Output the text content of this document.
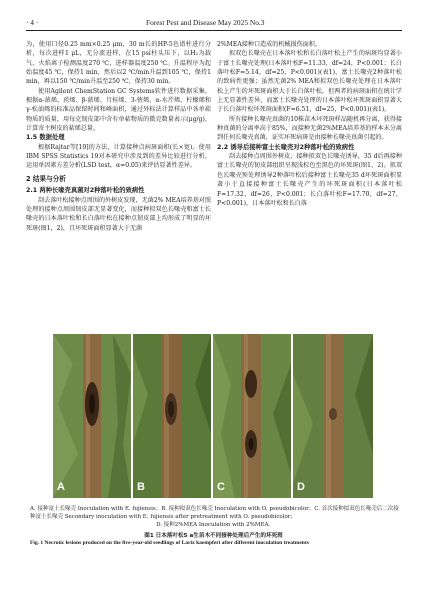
· 4 ·	Forest Pest and Disease May 2025 No.3

为，使用口径0.25 mm×0.25 μm，30 m长的HP-5色谱柱进行分析，每次进样1 μL，无分流进样，在15 psi柱头压下，以H₂为载气，火焰离子检测温度270 ℃，进样器温度250 ℃。升温程序为起始温度45 ℃，保持1 min，然后以2 ℃/min升温到105 ℃，保持1 min，再以150 ℃/min升温至250 ℃，保持30 min。

使用Agilent ChemStation GC Systems软件进行数据采集。根据α-蒎烯、莰烯、β-蒎烯、月桂烯、3-蒈烯、α-水芹烯、柠檬烯和γ-松油烯的标准品保留时间和峰面积，通过外标法计算样品中各单萜物质的质量，用每克韧皮部中含有单萜物质的微克数量表示(μg/g)，计算寄主树皮的萜烯总量。

1.5 数据处理

根据Rajtar等[19]的方法，计算接种点病斑面积(长×宽)。使用IBM SPSS Statistics 19对本研究中涉及到的差异比较进行分析，运用单因素方差分析(LSD test，α=0.05)来评估显著性差异。

2 结果与分析
2.1 两种长喙壳真菌对2种落叶松的致病性

刮去落叶松接种点周围的外树皮发现，无菌2% MEA培养基对照处理的接种点周围韧皮部无显著变化，而接种拟双色长喙壳和富士长喙壳的日本落叶松和长白落叶松在接种点韧皮部上均形成了明显的坏死斑(图1，2)，且坏死斑面积显著大于无菌

2%MEA接种口造成的机械损伤面积。

拟双色长喙壳在日本落叶松和长白落叶松上产生的病斑均显著小于富士长喙壳处理(日本落叶松F=11.33，df=24，P<0.001；长白落叶松F=5.14，df=25，P<0.001)(表1)，富士长喙壳2种落叶松的致病性更强；虽然无菌2% MEA和拟双色长喙壳处理在日本落叶松上产生的坏死斑面积大于长白落叶松，但两者的病斑面积在统计学上无显著性差异，而富士长喙壳处理的日本落叶松坏死斑面积显著大于长白落叶松坏死斑面积(F=6.51，df=25，P<0.001)(表1)。

所有接种长喙壳真菌的10株苗木坏死斑样品随机再分离，获得接种真菌的分离率高于85%，而接种无菌2%MEA培养基的样本未分离到任何长喙壳真菌，证实坏死病斑是由接种长喙壳真菌引起的。

2.2 诱导后接种富士长喙壳对2种落叶松的致病性

刮去接种点周围外树皮，接种拟双色长喙壳诱导，35 d后再接种富士长喙壳的韧皮部组织呈现浅棕色至黑色的坏死斑(图1，2)。拟双色长喙壳预处理诱导2种落叶松后接种富士长喙壳35 d坏死斑面积显著小于直接接种富士长喙壳产生的坏死斑面积(日本落叶松F=17.32，df=26，P<0.001；长白落叶松F=17.70，df=27，P<0.001)，日本落叶松和长白落

A	B	C	D
A. 接种富士长喙壳 Inoculation with E. fujiensis；B. 接种拟双色长喙壳 Inoculation with O. pseudobicolor；C. 首次接种拟双色长喙壳后二次接种富士长喙壳 Secondary inoculation with E. fujiensis after pretreatment with O. pseudobicolor；
D. 接种2%MEA Inoculation with 2%MEA。
图1 日本落叶松5 a生苗木不同接种处理后产生的坏死斑
Fig. 1 Necrotic lesions produced on the five-year-old seedlings of Larix kaempferi after different inoculation treatments
